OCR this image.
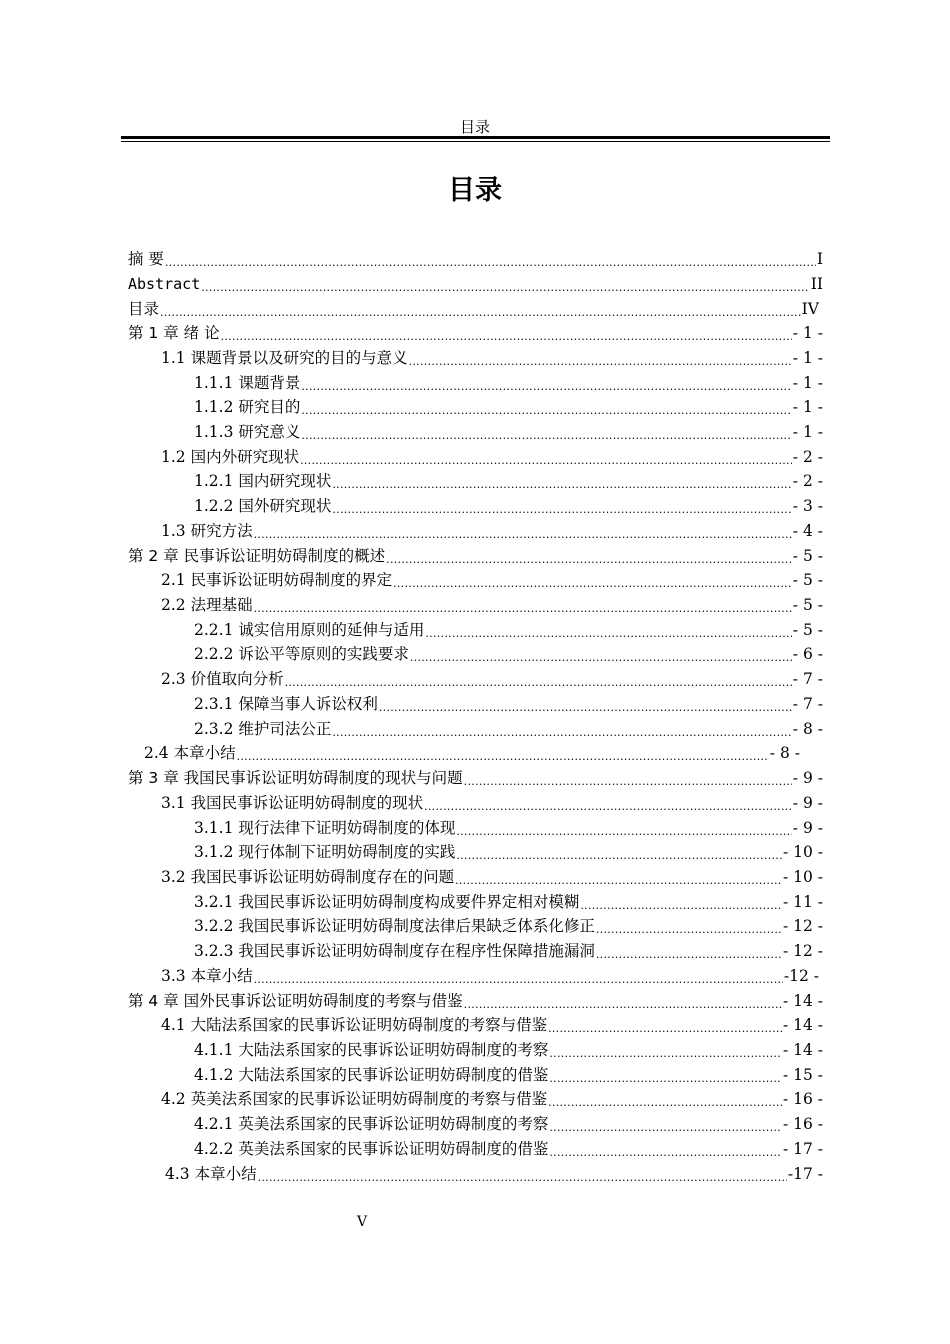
目录
目录
摘 要 .....	I
Abstract .....	II
目录 .....	IV
第 1 章 绪 论 .....	- 1 -
1.1 课题背景以及研究的目的与意义 .....	- 1 -
1.1.1 课题背景 .....	- 1 -
1.1.2 研究目的 .....	- 1 -
1.1.3 研究意义 .....	- 1 -
1.2 国内外研究现状 .....	- 2 -
1.2.1 国内研究现状 .....	- 2 -
1.2.2 国外研究现状 .....	- 3 -
1.3 研究方法 .....	- 4 -
第 2 章 民事诉讼证明妨碍制度的概述 .....	- 5 -
2.1 民事诉讼证明妨碍制度的界定 .....	- 5 -
2.2 法理基础 .....	- 5 -
2.2.1 诚实信用原则的延伸与适用 .....	- 5 -
2.2.2 诉讼平等原则的实践要求 .....	- 6 -
2.3 价值取向分析 .....	- 7 -
2.3.1 保障当事人诉讼权利 .....	- 7 -
2.3.2 维护司法公正 .....	- 8 -
2.4 本章小结 .....	- 8 -
第 3 章 我国民事诉讼证明妨碍制度的现状与问题 .....	- 9 -
3.1 我国民事诉讼证明妨碍制度的现状 .....	- 9 -
3.1.1 现行法律下证明妨碍制度的体现 .....	- 9 -
3.1.2 现行体制下证明妨碍制度的实践 .....	- 10 -
3.2 我国民事诉讼证明妨碍制度存在的问题 .....	- 10 -
3.2.1 我国民事诉讼证明妨碍制度构成要件界定相对模糊 .....	- 11 -
3.2.2 我国民事诉讼证明妨碍制度法律后果缺乏体系化修正 .....	- 12 -
3.2.3 我国民事诉讼证明妨碍制度存在程序性保障措施漏洞 .....	- 12 -
3.3 本章小结 .....	-12 -
第 4 章 国外民事诉讼证明妨碍制度的考察与借鉴 .....	- 14 -
4.1 大陆法系国家的民事诉讼证明妨碍制度的考察与借鉴 .....	- 14 -
4.1.1 大陆法系国家的民事诉讼证明妨碍制度的考察 .....	- 14 -
4.1.2 大陆法系国家的民事诉讼证明妨碍制度的借鉴 .....	- 15 -
4.2 英美法系国家的民事诉讼证明妨碍制度的考察与借鉴 .....	- 16 -
4.2.1 英美法系国家的民事诉讼证明妨碍制度的考察 .....	- 16 -
4.2.2 英美法系国家的民事诉讼证明妨碍制度的借鉴 .....	- 17 -
4.3 本章小结 .....	-17 -
V
